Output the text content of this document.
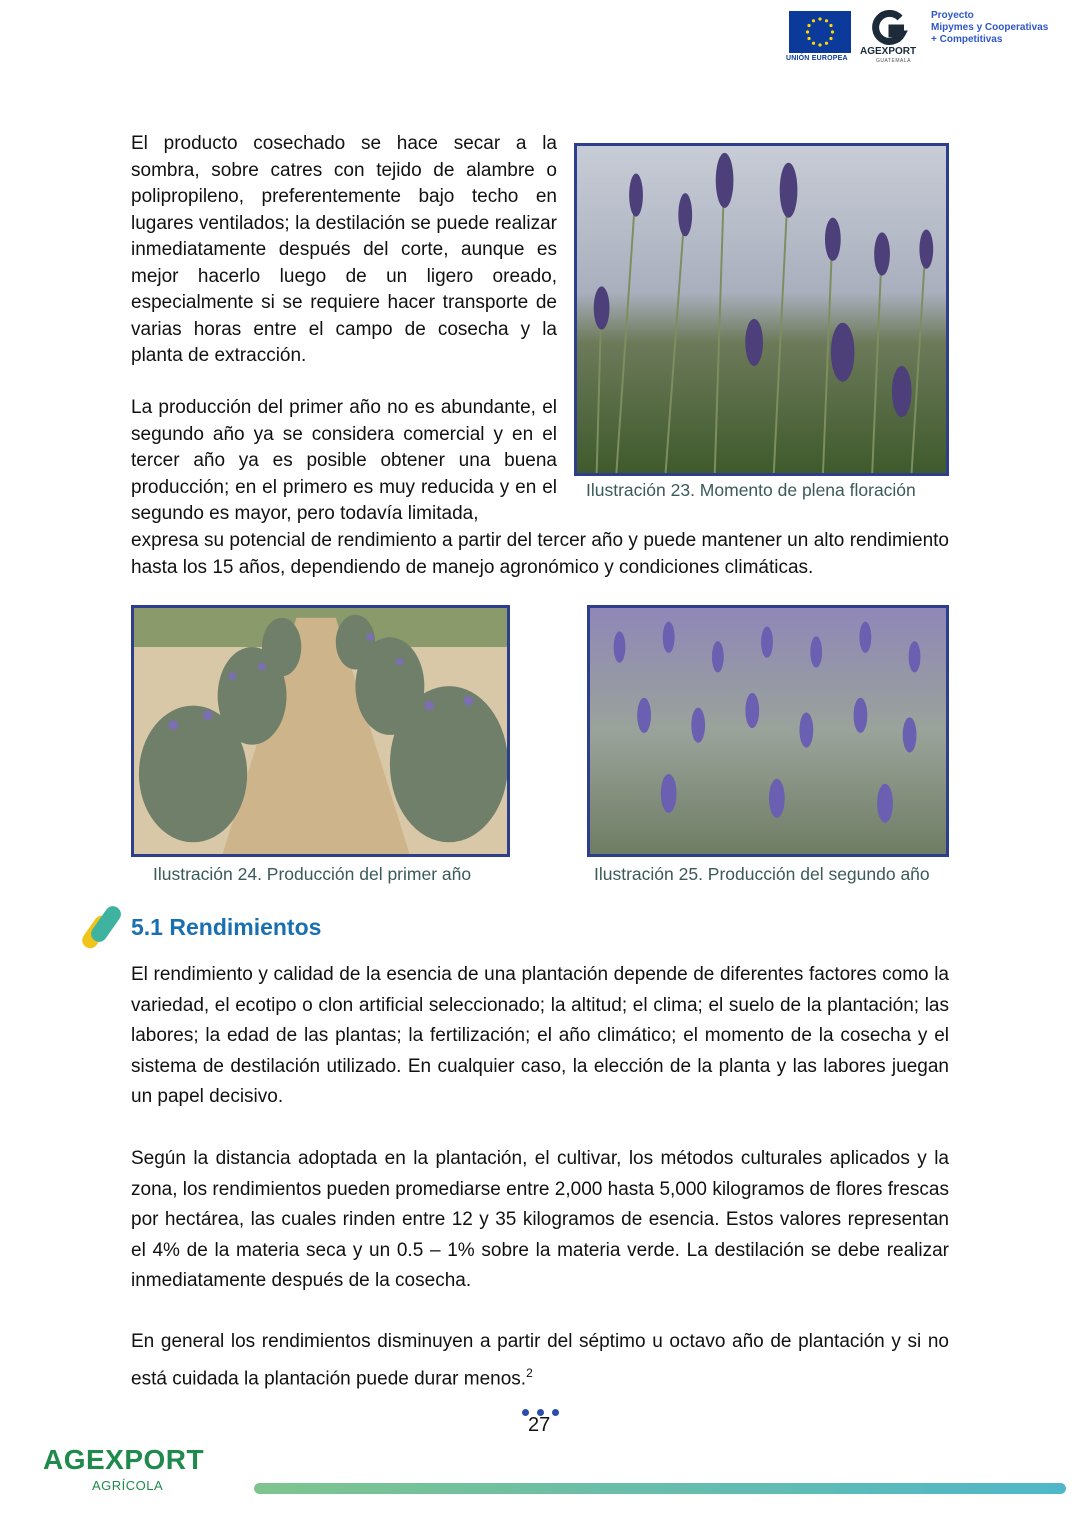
UNIÓN EUROPEA
AGEXPORT
GUATEMALA
Proyecto
Mipymes y Cooperativas
+ Competitivas
El producto cosechado se hace secar a la sombra, sobre catres con tejido de alambre o polipropileno, preferentemente bajo techo en lugares ventilados; la destilación se puede realizar inmediatamente después del corte, aunque es mejor hacerlo luego de un ligero oreado, especialmente si se requiere hacer transporte de varias horas entre el campo de cosecha y la planta de extracción.
La producción del primer año no es abundante, el segundo año ya se considera comercial y en el tercer año ya es posible obtener una buena producción; en el primero es muy reducida y en el segundo es mayor, pero todavía limitada,
expresa su potencial de rendimiento a partir del tercer año y puede mantener un alto rendimiento hasta los 15 años, dependiendo de manejo agronómico y condiciones climáticas.
Ilustración 23. Momento de plena floración
Ilustración 24. Producción del primer año	Ilustración 25. Producción del segundo año
5.1 Rendimientos
El rendimiento y calidad de la esencia de una plantación depende de diferentes factores como la variedad, el ecotipo o clon artificial seleccionado; la altitud; el clima; el suelo de la plantación; las labores; la edad de las plantas; la fertilización; el año climático; el momento de la cosecha y el sistema de destilación utilizado. En cualquier caso, la elección de la planta y las labores juegan un papel decisivo.
Según la distancia adoptada en la plantación, el cultivar, los métodos culturales aplicados y la zona, los rendimientos pueden promediarse entre 2,000 hasta 5,000 kilogramos de flores frescas por hectárea, las cuales rinden entre 12 y 35 kilogramos de esencia. Estos valores representan el 4% de la materia seca y un 0.5 – 1% sobre la materia verde. La destilación se debe realizar inmediatamente después de la cosecha.
En general los rendimientos disminuyen a partir del séptimo u octavo año de plantación y si no está cuidada la plantación puede durar menos.$^2$
27
AGEXPORT
AGRÍCOLA
